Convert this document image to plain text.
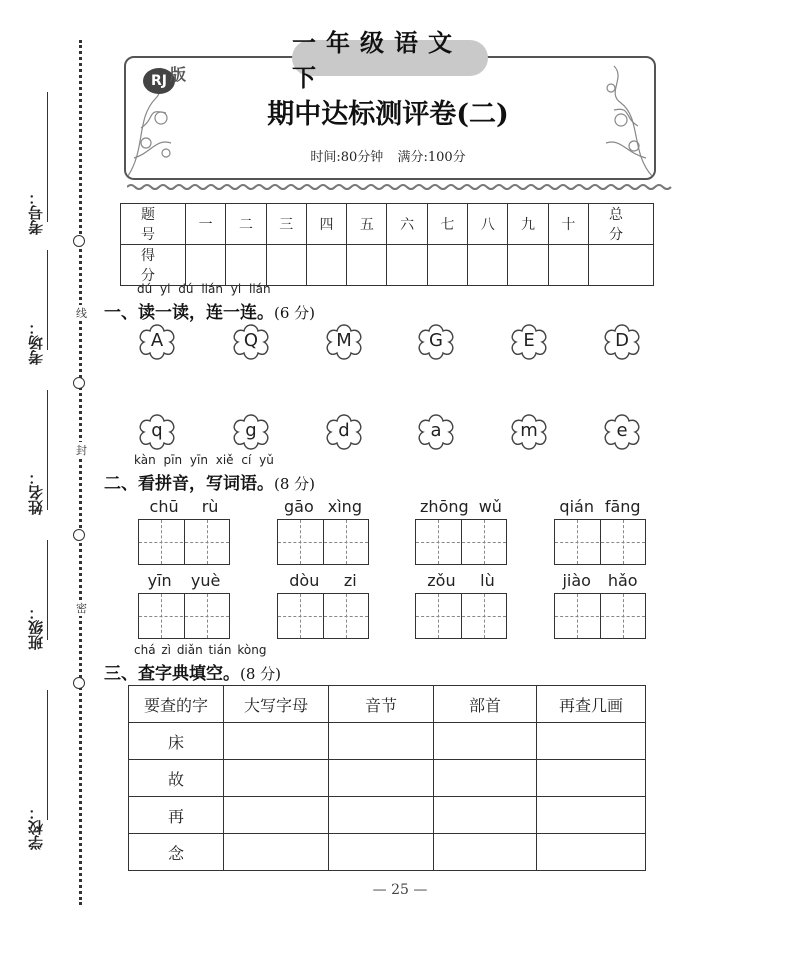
线
封
密
考号：
考场：
姓名：
班级：
学校：
一年级语文下
RJ 版
期中达标测评卷(二)
时间:80分钟 满分:100分
题　号	一	二	三	四	五	六	七	八	九	十	总　分
得　分											
dú yi dú lián yi lián
一、读一读，连一连。(6 分)
kàn pīn yīn xiě cí yǔ
二、看拼音，写词语。(8 分)
chū rù	gāo xìng	zhōng wǔ	qián fāng
yīn yuè	dòu zi	zǒu lù	jiào hǎo
chá zì diǎn tián kòng
三、查字典填空。(8 分)
要查的字	大写字母	音节	部首	再查几画
床				
故				
再				
念				
— 25 —
A	Q	M	G	E	D
q	g	d	a	m	e
